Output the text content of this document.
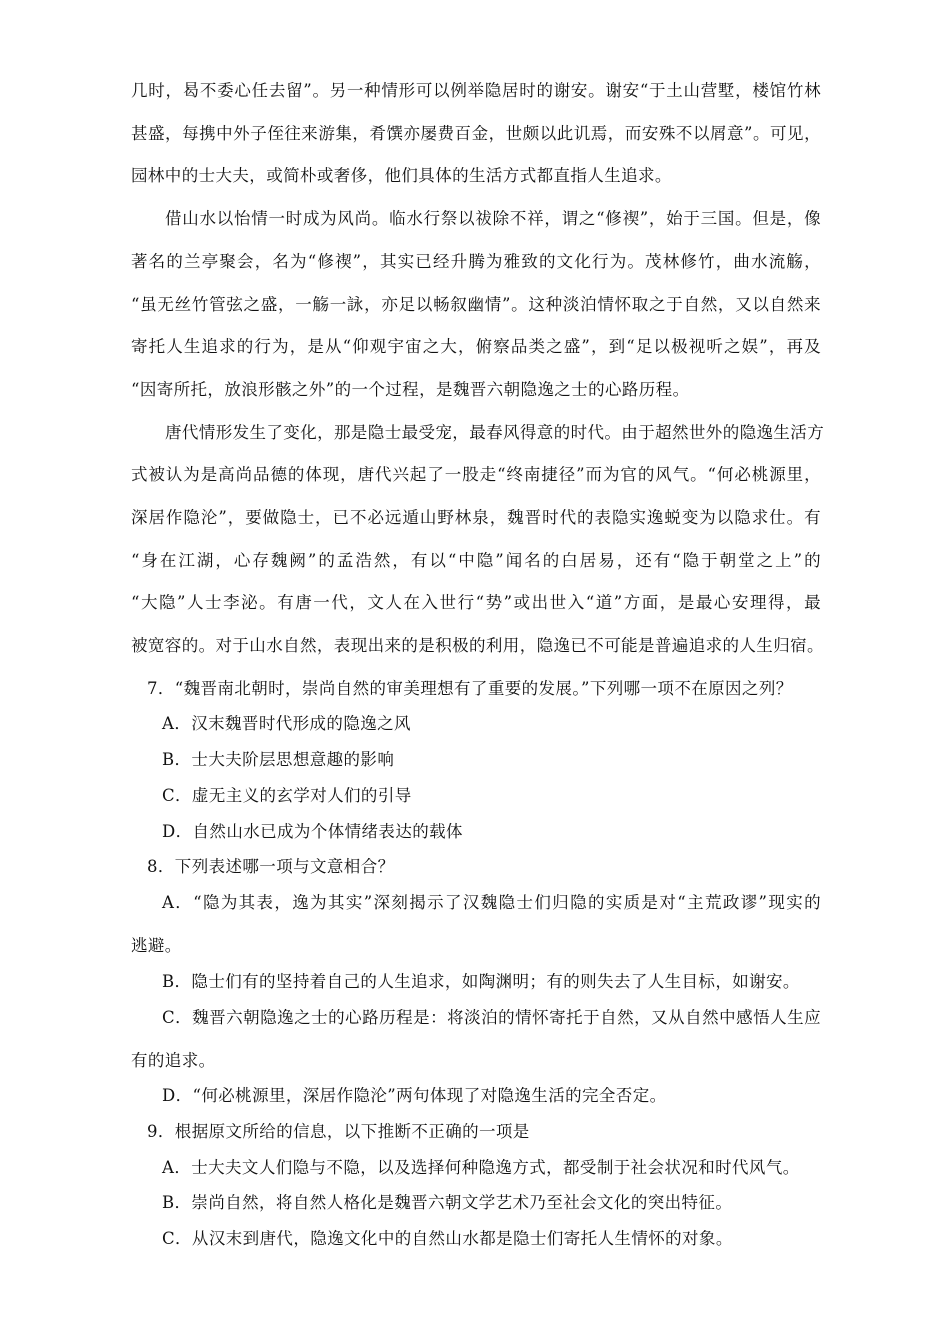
几时，曷不委心任去留”。另一种情形可以例举隐居时的谢安。谢安“于土山营墅，楼馆竹林
甚盛，每携中外子侄往来游集，肴馔亦屡费百金，世颇以此讥焉，而安殊不以屑意”。可见，
园林中的士大夫，或简朴或奢侈，他们具体的生活方式都直指人生追求。
借山水以怡情一时成为风尚。临水行祭以祓除不祥，谓之“修禊”，始于三国。但是，像
著名的兰亭聚会，名为“修禊”，其实已经升腾为雅致的文化行为。茂林修竹，曲水流觞，
“虽无丝竹管弦之盛，一觞一詠，亦足以畅叙幽情”。这种淡泊情怀取之于自然，又以自然来
寄托人生追求的行为，是从“仰观宇宙之大，俯察品类之盛”，到“足以极视听之娱”，再及
“因寄所托，放浪形骸之外”的一个过程，是魏晋六朝隐逸之士的心路历程。
唐代情形发生了变化，那是隐士最受宠，最春风得意的时代。由于超然世外的隐逸生活方
式被认为是高尚品德的体现，唐代兴起了一股走“终南捷径”而为官的风气。“何必桃源里，
深居作隐沦”，要做隐士，已不必远遁山野林泉，魏晋时代的表隐实逸蜕变为以隐求仕。有
“身在江湖，心存魏阙”的孟浩然，有以“中隐”闻名的白居易，还有“隐于朝堂之上”的
“大隐”人士李泌。有唐一代，文人在入世行“势”或出世入“道”方面，是最心安理得，最
被宽容的。对于山水自然，表现出来的是积极的利用，隐逸已不可能是普遍追求的人生归宿。
7．“魏晋南北朝时，崇尚自然的审美理想有了重要的发展。”下列哪一项不在原因之列？
A．汉末魏晋时代形成的隐逸之风
B．士大夫阶层思想意趣的影响
C．虚无主义的玄学对人们的引导
D．自然山水已成为个体情绪表达的载体
8．下列表述哪一项与文意相合？
A．“隐为其表，逸为其实”深刻揭示了汉魏隐士们归隐的实质是对“主荒政谬”现实的
逃避。
B．隐士们有的坚持着自己的人生追求，如陶渊明；有的则失去了人生目标，如谢安。
C．魏晋六朝隐逸之士的心路历程是：将淡泊的情怀寄托于自然，又从自然中感悟人生应
有的追求。
D．“何必桃源里，深居作隐沦”两句体现了对隐逸生活的完全否定。
9．根据原文所给的信息，以下推断不正确的一项是
A．士大夫文人们隐与不隐，以及选择何种隐逸方式，都受制于社会状况和时代风气。
B．崇尚自然，将自然人格化是魏晋六朝文学艺术乃至社会文化的突出特征。
C．从汉末到唐代，隐逸文化中的自然山水都是隐士们寄托人生情怀的对象。
